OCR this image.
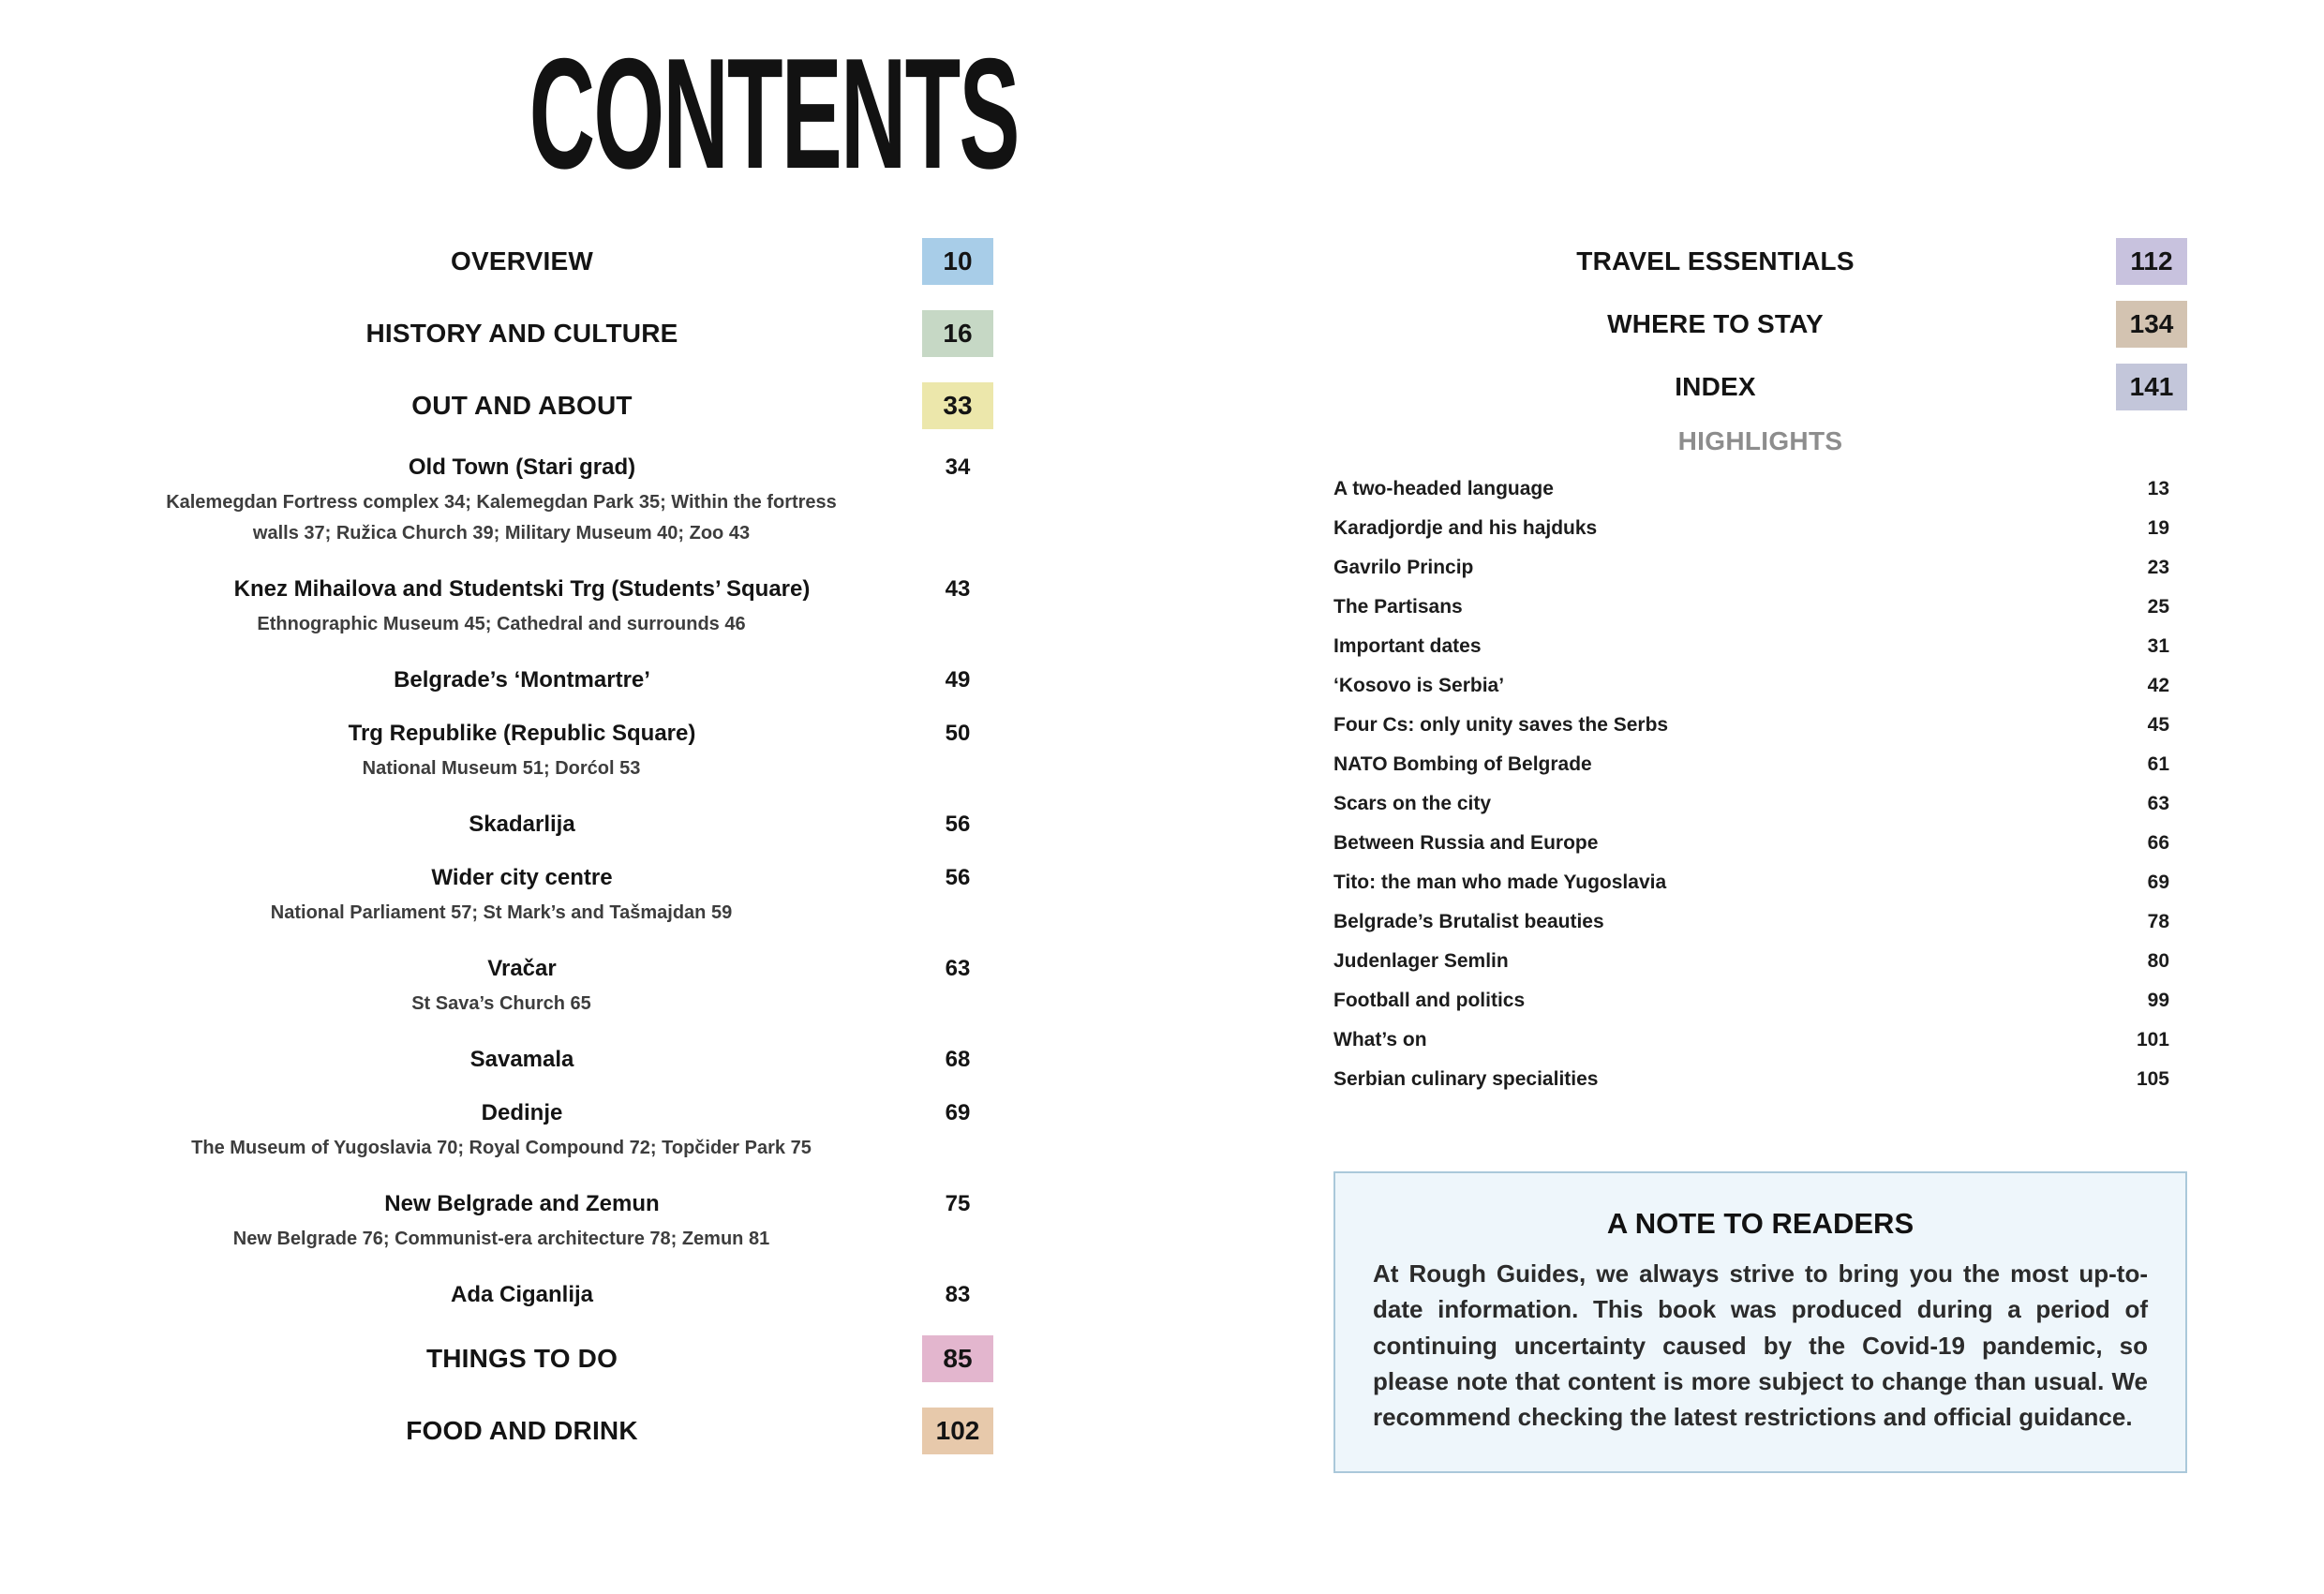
CONTENTS
OVERVIEW	10
HISTORY AND CULTURE	16
OUT AND ABOUT	33
Old Town (Stari grad)	34
Kalemegdan Fortress complex 34; Kalemegdan Park 35; Within the fortress walls 37; Ružica Church 39; Military Museum 40; Zoo 43
Knez Mihailova and Studentski Trg (Students’ Square)	43
Ethnographic Museum 45; Cathedral and surrounds 46
Belgrade’s ‘Montmartre’	49
Trg Republike (Republic Square)	50
National Museum 51; Dorćol 53
Skadarlija	56
Wider city centre	56
National Parliament 57; St Mark’s and Tašmajdan 59
Vračar	63
St Sava’s Church 65
Savamala	68
Dedinje	69
The Museum of Yugoslavia 70; Royal Compound 72; Topčider Park 75
New Belgrade and Zemun	75
New Belgrade 76; Communist-era architecture 78; Zemun 81
Ada Ciganlija	83
THINGS TO DO	85
FOOD AND DRINK	102
TRAVEL ESSENTIALS	112
WHERE TO STAY	134
INDEX	141
HIGHLIGHTS
A two-headed language	13
Karadjordje and his hajduks	19
Gavrilo Princip	23
The Partisans	25
Important dates	31
‘Kosovo is Serbia’	42
Four Cs: only unity saves the Serbs	45
NATO Bombing of Belgrade	61
Scars on the city	63
Between Russia and Europe	66
Tito: the man who made Yugoslavia	69
Belgrade’s Brutalist beauties	78
Judenlager Semlin	80
Football and politics	99
What’s on	101
Serbian culinary specialities	105
A NOTE TO READERS

At Rough Guides, we always strive to bring you the most up-to-date information. This book was produced during a period of continuing uncertainty caused by the Covid-19 pandemic, so please note that content is more subject to change than usual. We recommend checking the latest restrictions and official guidance.
